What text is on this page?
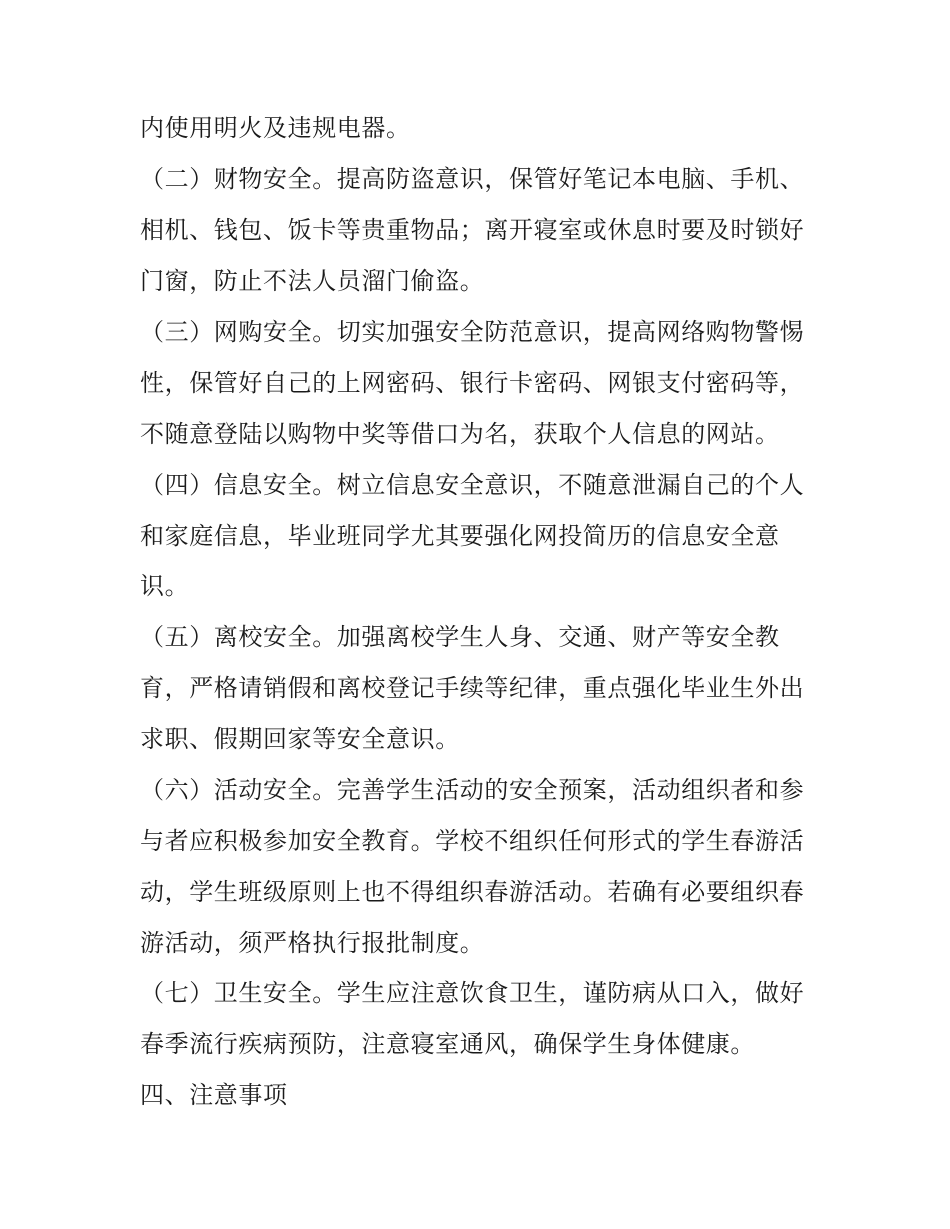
内使用明火及违规电器。

（二）财物安全。提高防盗意识，保管好笔记本电脑、手机、

相机、钱包、饭卡等贵重物品；离开寝室或休息时要及时锁好

门窗，防止不法人员溜门偷盗。

（三）网购安全。切实加强安全防范意识，提高网络购物警惕

性，保管好自己的上网密码、银行卡密码、网银支付密码等，

不随意登陆以购物中奖等借口为名，获取个人信息的网站。

（四）信息安全。树立信息安全意识，不随意泄漏自己的个人

和家庭信息，毕业班同学尤其要强化网投简历的信息安全意

识。

（五）离校安全。加强离校学生人身、交通、财产等安全教

育，严格请销假和离校登记手续等纪律，重点强化毕业生外出

求职、假期回家等安全意识。

（六）活动安全。完善学生活动的安全预案，活动组织者和参

与者应积极参加安全教育。学校不组织任何形式的学生春游活

动，学生班级原则上也不得组织春游活动。若确有必要组织春

游活动，须严格执行报批制度。

（七）卫生安全。学生应注意饮食卫生，谨防病从口入，做好

春季流行疾病预防，注意寝室通风，确保学生身体健康。

四、注意事项
